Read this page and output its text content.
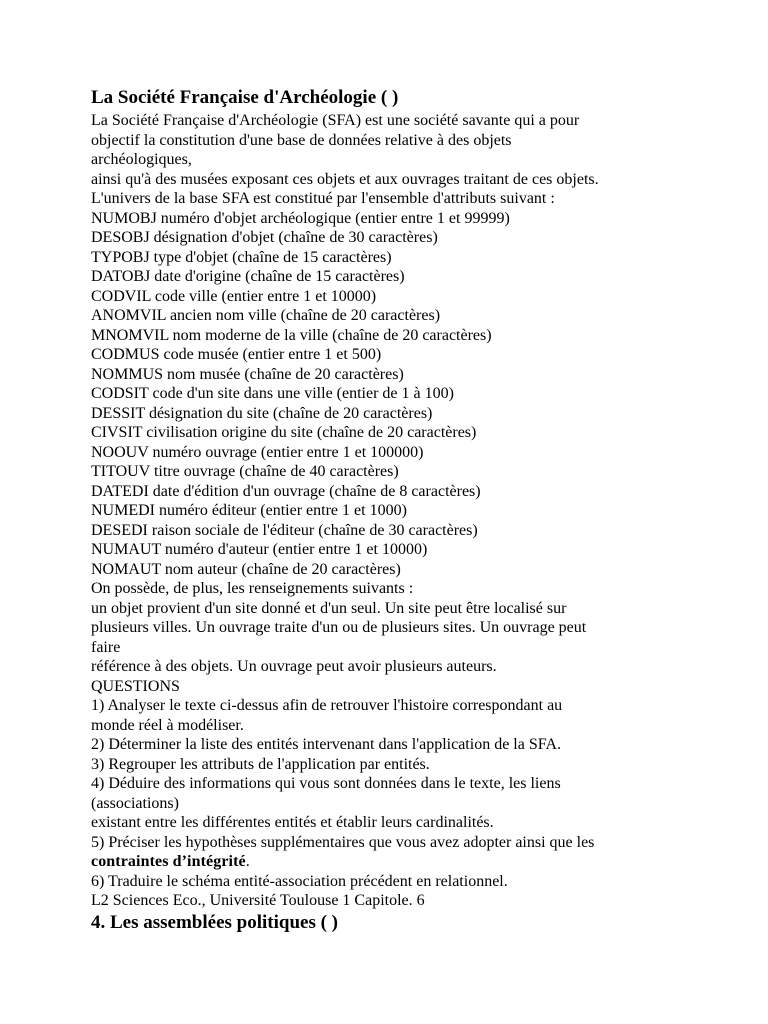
La Société Française d'Archéologie ( )
La Société Française d'Archéologie (SFA) est une société savante qui a pour
objectif la constitution d'une base de données relative à des objets
archéologiques,
ainsi qu'à des musées exposant ces objets et aux ouvrages traitant de ces objets.
L'univers de la base SFA est constitué par l'ensemble d'attributs suivant :
NUMOBJ numéro d'objet archéologique (entier entre 1 et 99999)
DESOBJ désignation d'objet (chaîne de 30 caractères)
TYPOBJ type d'objet (chaîne de 15 caractères)
DATOBJ date d'origine (chaîne de 15 caractères)
CODVIL code ville (entier entre 1 et 10000)
ANOMVIL ancien nom ville (chaîne de 20 caractères)
MNOMVIL nom moderne de la ville (chaîne de 20 caractères)
CODMUS code musée (entier entre 1 et 500)
NOMMUS nom musée (chaîne de 20 caractères)
CODSIT code d'un site dans une ville (entier de 1 à 100)
DESSIT désignation du site (chaîne de 20 caractères)
CIVSIT civilisation origine du site (chaîne de 20 caractères)
NOOUV numéro ouvrage (entier entre 1 et 100000)
TITOUV titre ouvrage (chaîne de 40 caractères)
DATEDI date d'édition d'un ouvrage (chaîne de 8 caractères)
NUMEDI numéro éditeur (entier entre 1 et 1000)
DESEDI raison sociale de l'éditeur (chaîne de 30 caractères)
NUMAUT numéro d'auteur (entier entre 1 et 10000)
NOMAUT nom auteur (chaîne de 20 caractères)
On possède, de plus, les renseignements suivants :
un objet provient d'un site donné et d'un seul. Un site peut être localisé sur
plusieurs villes. Un ouvrage traite d'un ou de plusieurs sites. Un ouvrage peut
faire
référence à des objets. Un ouvrage peut avoir plusieurs auteurs.
QUESTIONS
1) Analyser le texte ci-dessus afin de retrouver l'histoire correspondant au
monde réel à modéliser.
2) Déterminer la liste des entités intervenant dans l'application de la SFA.
3) Regrouper les attributs de l'application par entités.
4) Déduire des informations qui vous sont données dans le texte, les liens
(associations)
existant entre les différentes entités et établir leurs cardinalités.
5) Préciser les hypothèses supplémentaires que vous avez adopter ainsi que les
contraintes d’intégrité.
6) Traduire le schéma entité-association précédent en relationnel.
L2 Sciences Eco., Université Toulouse 1 Capitole. 6
4. Les assemblées politiques ( )
